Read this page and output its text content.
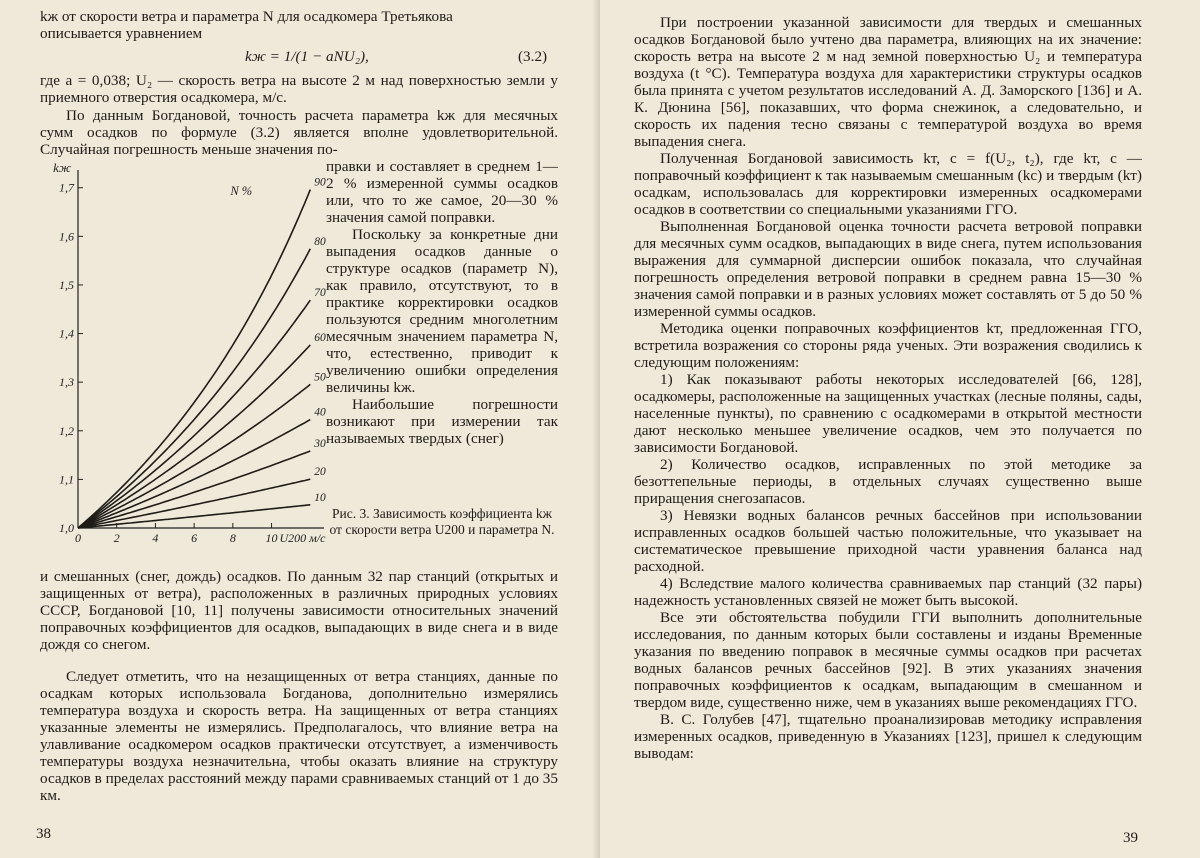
kж от скорости ветра и параметра N для осадкомера Третьякова

описывается уравнением

kж = 1/(1 − aNU₂),	(3.2)
где a = 0,038; U₂ — скорость ветра на высоте 2 м над поверхностью земли у приемного отверстия осадкомера, м/с.
По данным Богдановой, точность расчета параметра kж для месячных сумм осадков по формуле (3.2) является вполне удовлетворительной. Случайная погрешность меньше значения по-

правки и составляет в среднем 1—2 % измеренной суммы осадков или, что то же самое, 20—30 % значения самой поправки.

Поскольку за конкретные дни выпадения осадков данные о структуре осадков (параметр N), как правило, отсутствуют, то в практике корректировки осадков пользуются средним многолетним месячным значением параметра N, что, естественно, приводит к увеличению ошибки определения величины kж.

Наибольшие погрешности возникают при измерении так называемых твердых (снег)

1,0
1,1
1,2
1,3
1,4
1,5
1,6
1,7
0	2	4	6	8 10
kж
U200 м/с
N %
10
20
30
40
50
60
70
80
90
Рис. 3. Зависимость коэффициента kж от скорости ветра U200 и параметра N.
и смешанных (снег, дождь) осадков. По данным 32 пар станций (открытых и защищенных от ветра), расположенных в различных природных условиях СССР, Богдановой [10, 11] получены зависимости относительных значений поправочных коэффициентов для осадков, выпадающих в виде снега и в виде дождя со снегом.
Следует отметить, что на незащищенных от ветра станциях, данные по осадкам которых использовала Богданова, дополнительно измерялись температура воздуха и скорость ветра. На защищенных от ветра станциях указанные элементы не измерялись. Предполагалось, что влияние ветра на улавливание осадкомером осадков практически отсутствует, а изменчивость температуры воздуха незначительна, чтобы оказать влияние на структуру осадков в пределах расстояний между парами сравниваемых станций от 1 до 35 км.
38

При построении указанной зависимости для твердых и смешанных осадков Богдановой было учтено два параметра, влияющих на их значение: скорость ветра на высоте 2 м над земной поверхностью U₂ и температура воздуха (t °С). Температура воздуха для характеристики структуры осадков была принята с учетом результатов исследований А. Д. Заморского [136] и А. К. Дюнина [56], показавших, что форма снежинок, а следовательно, и скорость их падения тесно связаны с температурой воздуха во время выпадения снега.

Полученная Богдановой зависимость kт, с = f(U₂, t₂), где kт, с — поправочный коэффициент к так называемым смешанным (kс) и твердым (kт) осадкам, использовалась для корректировки измеренных осадкомерами осадков в соответствии со специальными указаниями ГГО.

Выполненная Богдановой оценка точности расчета ветровой поправки для месячных сумм осадков, выпадающих в виде снега, путем использования выражения для суммарной дисперсии ошибок показала, что случайная погрешность определения ветровой поправки в среднем равна 15—30 % значения самой поправки и в разных условиях может составлять от 5 до 50 % измеренной суммы осадков.

Методика оценки поправочных коэффициентов kт, предложенная ГГО, встретила возражения со стороны ряда ученых. Эти возражения сводились к следующим положениям:

1) Как показывают работы некоторых исследователей [66, 128], осадкомеры, расположенные на защищенных участках (лесные поляны, сады, населенные пункты), по сравнению с осадкомерами в открытой местности дают несколько меньшее увеличение осадков, чем это получается по зависимости Богдановой.

2) Количество осадков, исправленных по этой методике за безоттепельные периоды, в отдельных случаях существенно выше приращения снегозапасов.

3) Невязки водных балансов речных бассейнов при использовании исправленных осадков большей частью положительные, что указывает на систематическое превышение приходной части уравнения баланса над расходной.

4) Вследствие малого количества сравниваемых пар станций (32 пары) надежность установленных связей не может быть высокой.

Все эти обстоятельства побудили ГГИ выполнить дополнительные исследования, по данным которых были составлены и изданы Временные указания по введению поправок в месячные суммы осадков при расчетах водных балансов речных бассейнов [92]. В этих указаниях значения поправочных коэффициентов к осадкам, выпадающим в смешанном и твердом виде, существенно ниже, чем в указаниях выше рекомендациях ГГО.

В. С. Голубев [47], тщательно проанализировав методику исправления измеренных осадков, приведенную в Указаниях [123], пришел к следующим выводам:

39
